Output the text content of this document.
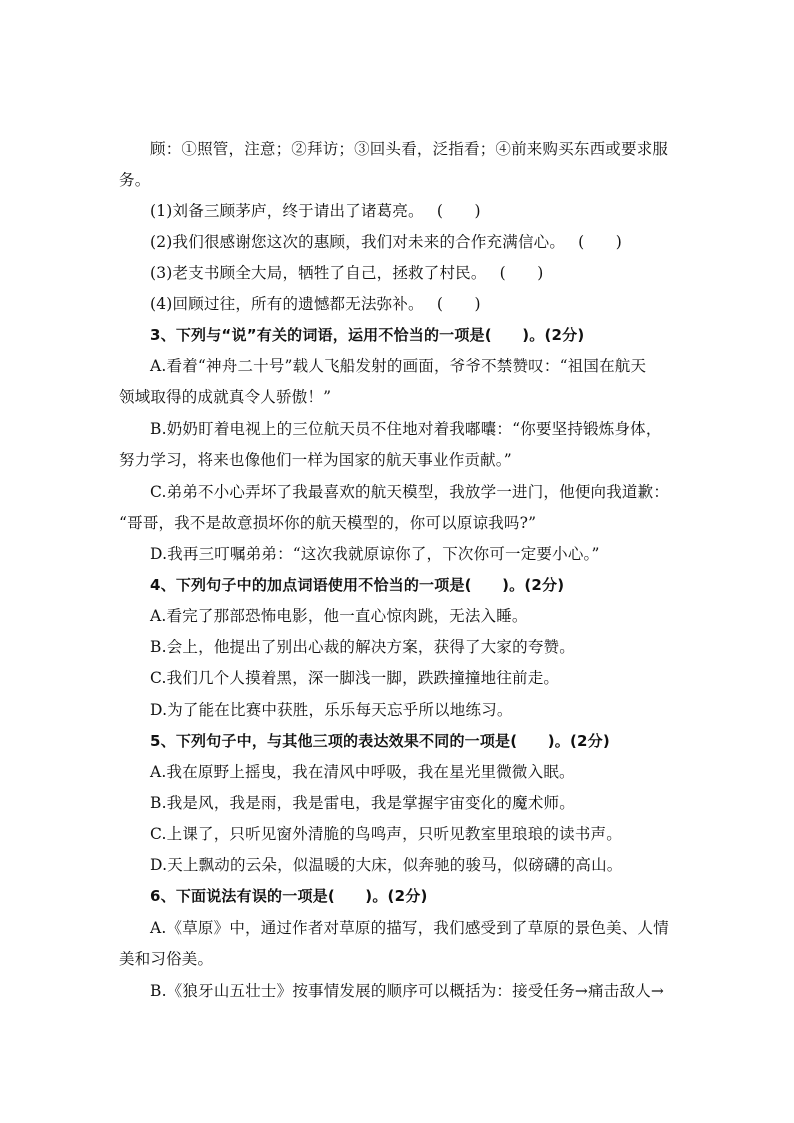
顾：①照管，注意；②拜访；③回头看，泛指看；④前来购买东西或要求服
务。
(1)刘备三顾茅庐，终于请出了诸葛亮。　 (　　)
(2)我们很感谢您这次的惠顾，我们对未来的合作充满信心。　 (　　)
(3)老支书顾全大局，牺牲了自己，拯救了村民。　 (　　)
(4)回顾过往，所有的遗憾都无法弥补。　 (　　)
3、下列与“说”有关的词语，运用不恰当的一项是(　　)。(2分)
A.看着“神舟二十号”载人飞船发射的画面，爷爷不禁赞叹：“祖国在航天
领域取得的成就真令人骄傲！”
B.奶奶盯着电视上的三位航天员不住地对着我嘟囔：“你要坚持锻炼身体，
努力学习，将来也像他们一样为国家的航天事业作贡献。”
C.弟弟不小心弄坏了我最喜欢的航天模型，我放学一进门，他便向我道歉：
“哥哥，我不是故意损坏你的航天模型的，你可以原谅我吗?”
D.我再三叮嘱弟弟：“这次我就原谅你了，下次你可一定要小心。”
4、下列句子中的加点词语使用不恰当的一项是(　　)。(2分)
A.看完了那部恐怖电影，他一直心惊肉跳，无法入睡。
B.会上，他提出了别出心裁的解决方案，获得了大家的夸赞。
C.我们几个人摸着黑，深一脚浅一脚，跌跌撞撞地往前走。
D.为了能在比赛中获胜，乐乐每天忘乎所以地练习。
5、下列句子中，与其他三项的表达效果不同的一项是(　　)。(2分)
A.我在原野上摇曳，我在清风中呼吸，我在星光里微微入眠。
B.我是风，我是雨，我是雷电，我是掌握宇宙变化的魔术师。
C.上课了，只听见窗外清脆的鸟鸣声，只听见教室里琅琅的读书声。
D.天上飘动的云朵，似温暖的大床，似奔驰的骏马，似磅礴的高山。
6、下面说法有误的一项是(　　)。(2分)
A.《草原》中，通过作者对草原的描写，我们感受到了草原的景色美、人情
美和习俗美。
B.《狼牙山五壮士》按事情发展的顺序可以概括为：接受任务→痛击敌人→
